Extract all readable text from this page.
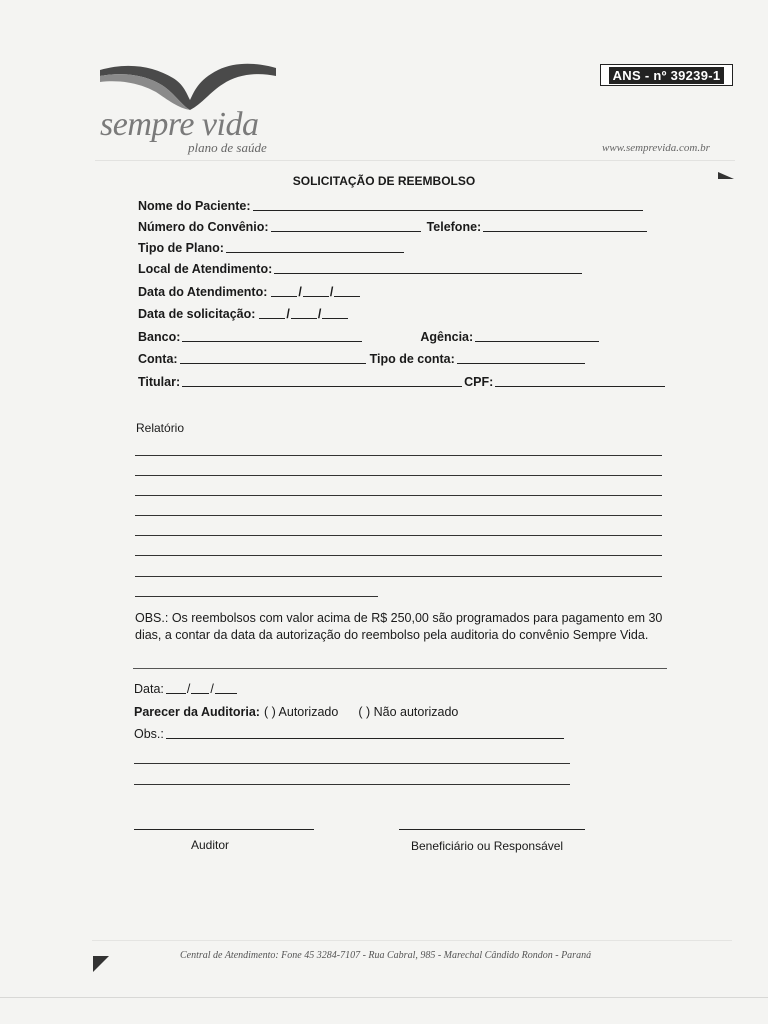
sempre vida
plano de saúde
ANS - nº 39239-1
www.semprevida.com.br
SOLICITAÇÃO DE REEMBOLSO
Nome do Paciente:
Número do Convênio:	Telefone:
Tipo de Plano:
Local de Atendimento:
Data do Atendimento: / /
Data de solicitação: / /
Banco:	Agência:
Conta:	Tipo de conta:
Titular:	CPF:
Relatório
OBS.: Os reembolsos com valor acima de R$ 250,00 são programados para pagamento em 30 dias, a contar da data da autorização do reembolso pela auditoria do convênio Sempre Vida.
Data: / /
Parecer da Auditoria: ( ) Autorizado ( ) Não autorizado
Obs.:
Auditor	Beneficiário ou Responsável
Central de Atendimento: Fone 45 3284-7107 - Rua Cabral, 985 - Marechal Cândido Rondon - Paraná
